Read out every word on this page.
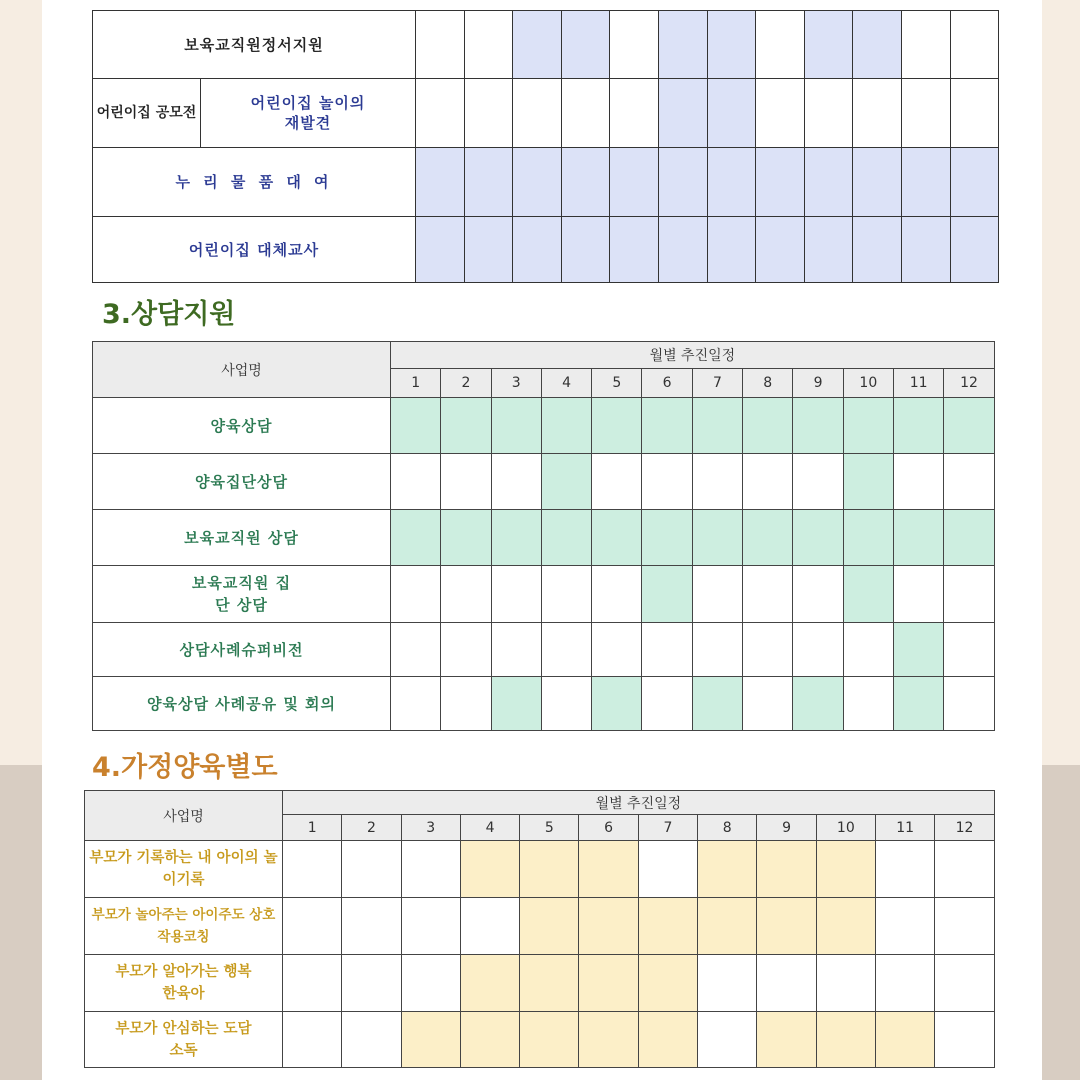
보육교직원정서지원													
어린이집 공모전	어린이집 놀이의 재발견												
누 리 물 품 대 여													
어린이집 대체교사													
3.상담지원
사업명	월별 추진일정											
	1	2	3	4	5	6	7	8	9	10	11	12
양육상담												
양육집단상담												
보육교직원 상담												
보육교직원 집단 상담												
상담사례슈퍼비전												
양육상담 사례공유 및 회의												
4.가정양육별도
사업명	월별 추진일정											
	1	2	3	4	5	6	7	8	9	10	11	12
부모가 기록하는 내 아이의 놀이기록												
부모가 놀아주는 아이주도 상호작용코칭												
부모가 알아가는 행복한육아												
부모가 안심하는 도담소독												
